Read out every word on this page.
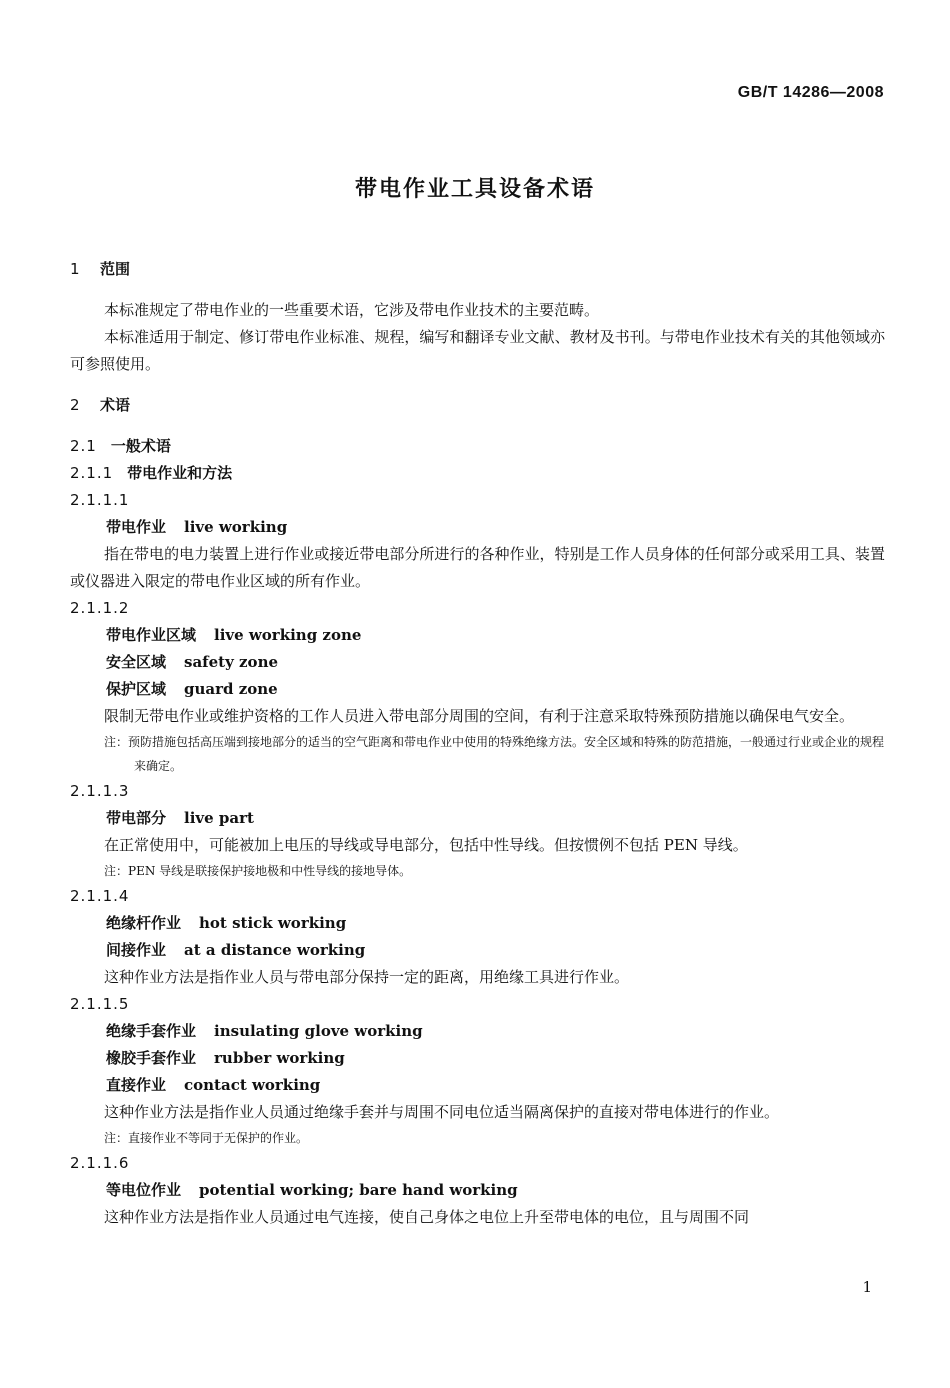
GB/T 14286—2008
带电作业工具设备术语
1 范围

本标准规定了带电作业的一些重要术语，它涉及带电作业技术的主要范畴。

本标准适用于制定、修订带电作业标准、规程，编写和翻译专业文献、教材及书刊。与带电作业技术有关的其他领域亦可参照使用。

2 术语
2.1 一般术语
2.1.1 带电作业和方法
2.1.1.1
带电作业 live working

指在带电的电力装置上进行作业或接近带电部分所进行的各种作业，特别是工作人员身体的任何部分或采用工具、装置或仪器进入限定的带电作业区域的所有作业。

2.1.1.2
带电作业区域 live working zone
安全区域 safety zone
保护区域 guard zone

限制无带电作业或维护资格的工作人员进入带电部分周围的空间，有利于注意采取特殊预防措施以确保电气安全。

注：预防措施包括高压端到接地部分的适当的空气距离和带电作业中使用的特殊绝缘方法。安全区域和特殊的防范措施，一般通过行业或企业的规程来确定。

2.1.1.3
带电部分 live part

在正常使用中，可能被加上电压的导线或导电部分，包括中性导线。但按惯例不包括 PEN 导线。

注：PEN 导线是联接保护接地极和中性导线的接地导体。

2.1.1.4
绝缘杆作业 hot stick working
间接作业 at a distance working

这种作业方法是指作业人员与带电部分保持一定的距离，用绝缘工具进行作业。

2.1.1.5
绝缘手套作业 insulating glove working
橡胶手套作业 rubber working
直接作业 contact working

这种作业方法是指作业人员通过绝缘手套并与周围不同电位适当隔离保护的直接对带电体进行的作业。

注：直接作业不等同于无保护的作业。

2.1.1.6
等电位作业 potential working; bare hand working

这种作业方法是指作业人员通过电气连接，使自己身体之电位上升至带电体的电位，且与周围不同

1
